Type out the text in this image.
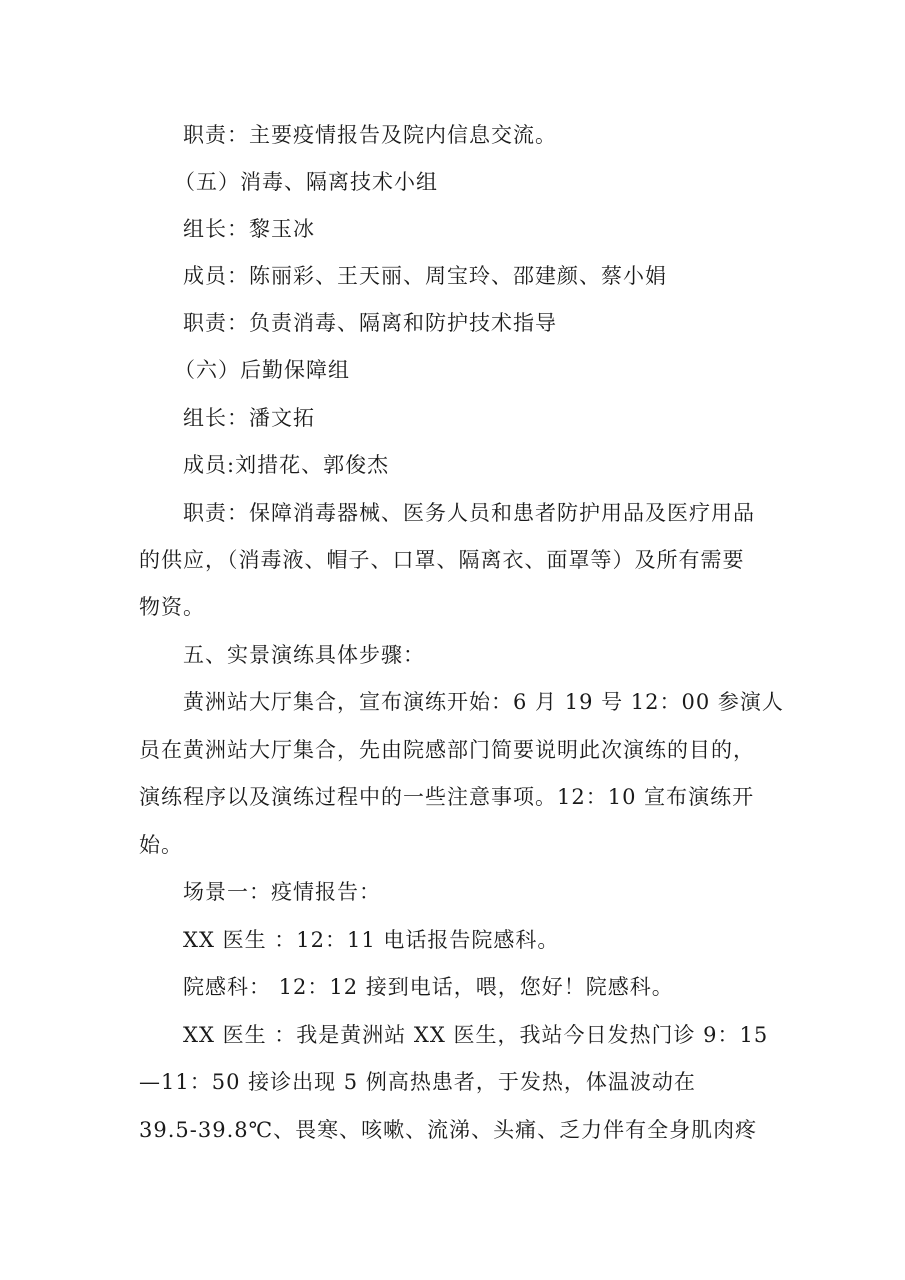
职责：主要疫情报告及院内信息交流。
（五）消毒、隔离技术小组
组长：黎玉冰
成员：陈丽彩、王天丽、周宝玲、邵建颜、蔡小娟
职责：负责消毒、隔离和防护技术指导
（六）后勤保障组
组长：潘文拓
成员:刘措花、郭俊杰
职责：保障消毒器械、医务人员和患者防护用品及医疗用品
的供应，（消毒液、帽子、口罩、隔离衣、面罩等）及所有需要
物资。
五、实景演练具体步骤：
黄洲站大厅集合，宣布演练开始：6 月 19 号 12：00 参演人
员在黄洲站大厅集合，先由院感部门简要说明此次演练的目的，
演练程序以及演练过程中的一些注意事项。12：10 宣布演练开
始。
场景一：疫情报告：
XX 医生 ：12：11 电话报告院感科。
院感科： 12：12 接到电话，喂，您好！院感科。
XX 医生 ：我是黄洲站 XX 医生，我站今日发热门诊 9：15
—11：50 接诊出现 5 例高热患者，于发热，体温波动在
39.5-39.8℃、畏寒、咳嗽、流涕、头痛、乏力伴有全身肌肉疼
